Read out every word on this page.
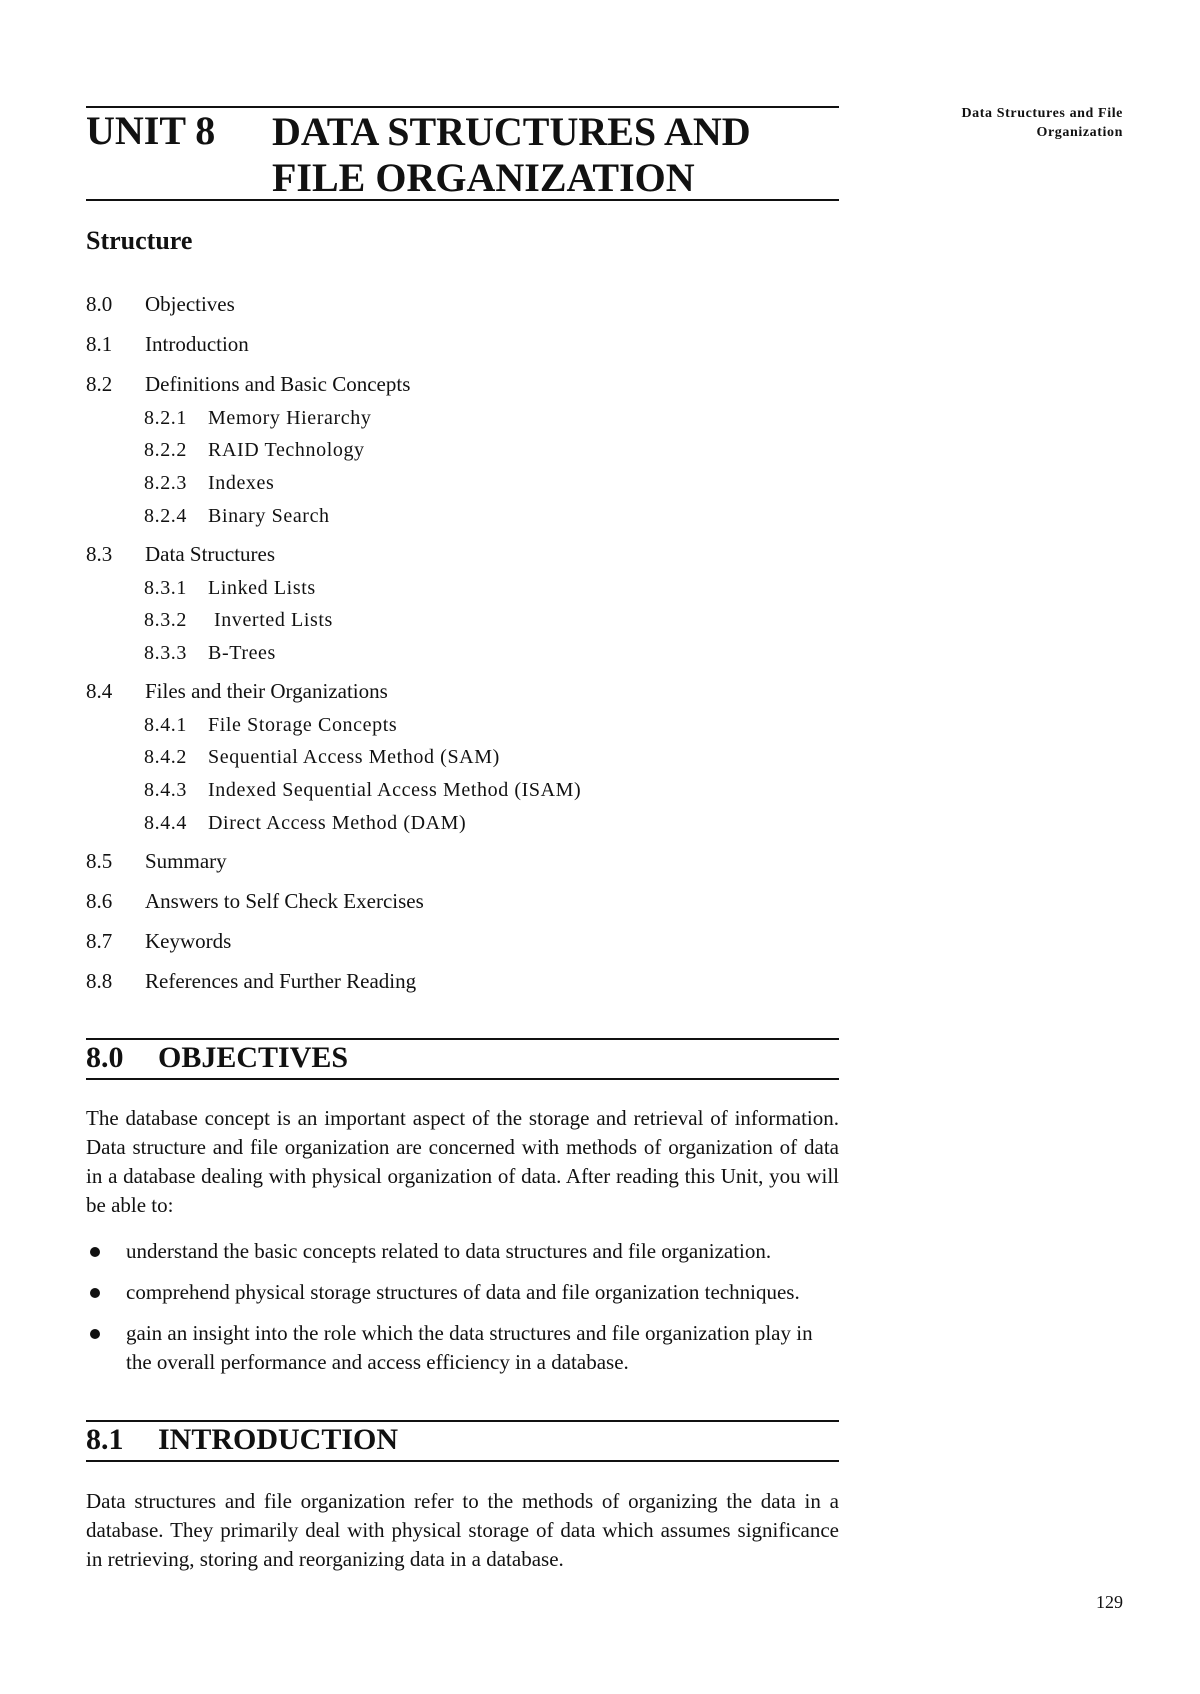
Data Structures and File
Organization
UNIT 8 DATA STRUCTURES AND
FILE ORGANIZATION
Structure
8.0 Objectives
8.1 Introduction
8.2 Definitions and Basic Concepts
8.2.1 Memory Hierarchy
8.2.2 RAID Technology
8.2.3 Indexes
8.2.4 Binary Search
8.3 Data Structures
8.3.1 Linked Lists
8.3.2	Inverted Lists
8.3.3 B-Trees
8.4 Files and their Organizations
8.4.1 File Storage Concepts
8.4.2 Sequential Access Method (SAM)
8.4.3 Indexed Sequential Access Method (ISAM)
8.4.4 Direct Access Method (DAM)
8.5 Summary
8.6 Answers to Self Check Exercises
8.7 Keywords
8.8 References and Further Reading
8.0 OBJECTIVES
The database concept is an important aspect of the storage and retrieval of information. Data structure and file organization are concerned with methods of organization of data in a database dealing with physical organization of data. After reading this Unit, you will be able to:
understand the basic concepts related to data structures and file organization.
comprehend physical storage structures of data and file organization techniques.
gain an insight into the role which the data structures and file organization play in the overall performance and access efficiency in a database.
8.1 INTRODUCTION
Data structures and file organization refer to the methods of organizing the data in a database. They primarily deal with physical storage of data which assumes significance in retrieving, storing and reorganizing data in a database.
129
